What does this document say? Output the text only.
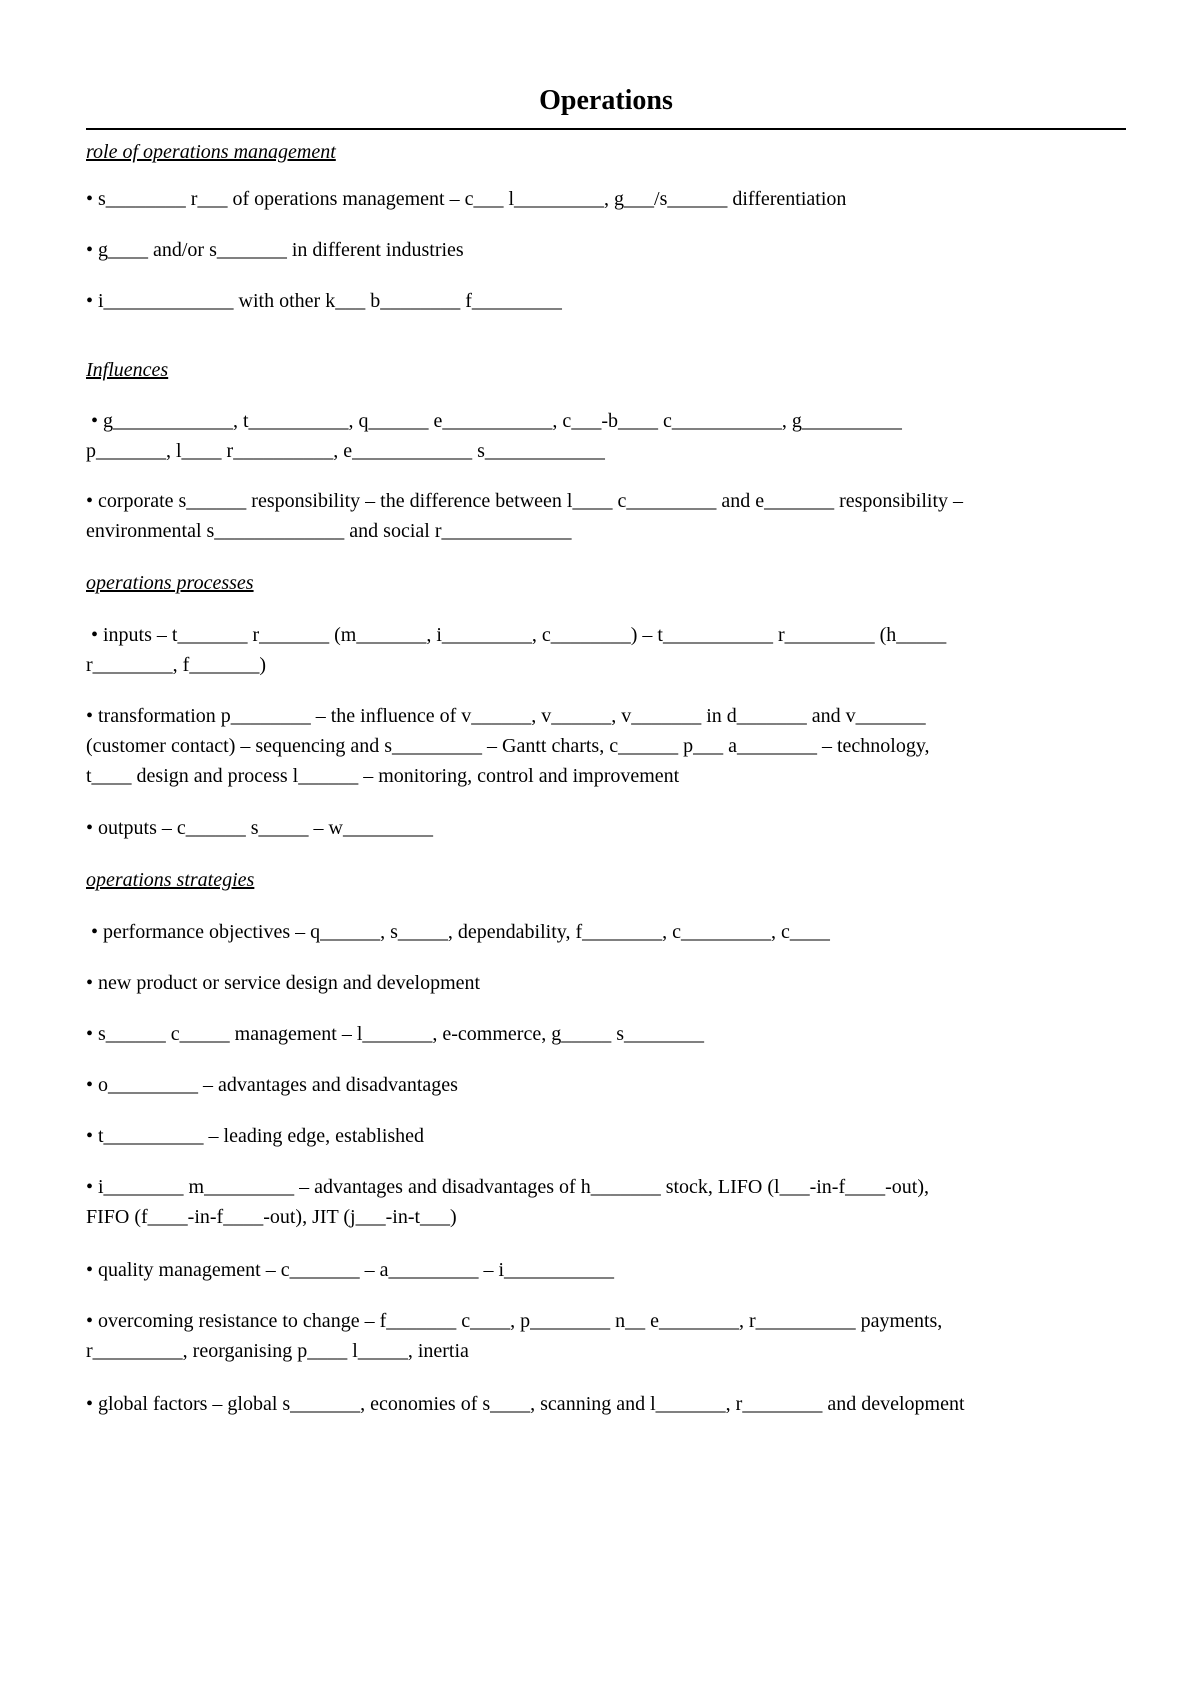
Operations
role of operations management
• s________ r___ of operations management – c___ l_________, g___/s______ differentiation
• g____ and/or s_______ in different industries
• i_____________ with other k___ b________ f_________
Influences
• g____________, t__________, q______ e___________, c___-b____ c___________, g__________
p_______, l____ r__________, e____________ s____________
• corporate s______ responsibility – the difference between l____ c_________ and e_______ responsibility –
environmental s_____________ and social r_____________
operations processes
• inputs – t_______ r_______ (m_______, i_________, c________) – t___________ r_________ (h_____
r________, f_______)
• transformation p________ – the influence of v______, v______, v_______ in d_______ and v_______
(customer contact) – sequencing and s_________ – Gantt charts, c______ p___ a________ – technology,
t____ design and process l______ – monitoring, control and improvement
• outputs – c______ s_____ – w_________
operations strategies
• performance objectives – q______, s_____, dependability, f________, c_________, c____
• new product or service design and development
• s______ c_____ management – l_______, e-commerce, g_____ s________
• o_________ – advantages and disadvantages
• t__________ – leading edge, established
• i________ m_________ – advantages and disadvantages of h_______ stock, LIFO (l___-in-f____-out),
FIFO (f____-in-f____-out), JIT (j___-in-t___)
• quality management – c_______ – a_________ – i___________
• overcoming resistance to change – f_______ c____, p________ n__ e________, r__________ payments,
r_________, reorganising p____ l_____, inertia
• global factors – global s_______, economies of s____, scanning and l_______, r________ and development
